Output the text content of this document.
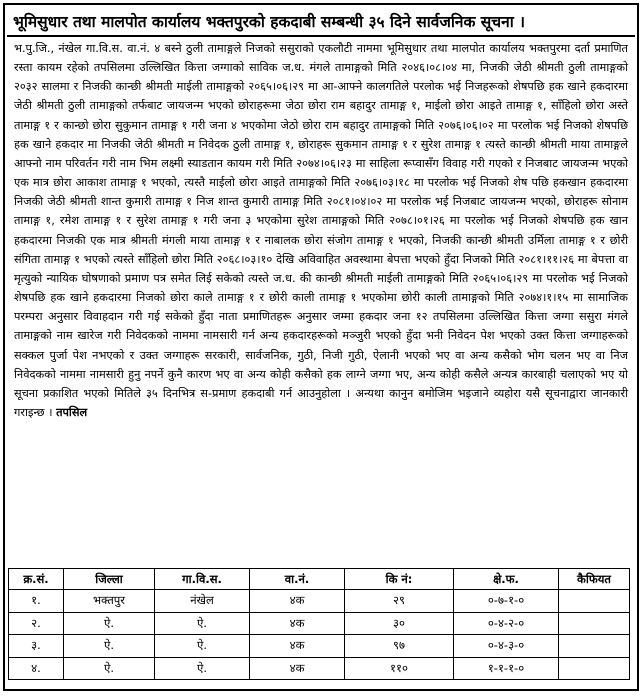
भूमिसुधार तथा मालपोत कार्यालय भक्तपुरको हकदाबी सम्बन्धी ३५ दिने सार्वजनिक सूचना ।
भ.पु.जि., नंखेल गा.वि.स. वा.नं. ४ बस्ने ठुली तामाङ्गले निजको ससुराको एकलौटी नाममा भूमिसुधार तथा मालपोत कार्यालय भक्तपुरमा दर्ता प्रमाणित रस्ता कायम रहेको तपसिलमा उल्लिखित कित्ता जग्गाको साविक ज.ध. मंगले तामाङ्गको मिति २०४६।०८।०४ मा, निजकी जेठी श्रीमती ठुली तामाङ्गको २०३२ सालमा र निजकी कान्छी श्रीमती माईली तामाङ्गको २०६५।०६।२९ मा आ-आफ्ने कालगतिले परलोक भई निजहरूको शेषपछि हक खाने हकदारमा जेठी श्रीमती ठुली तामाङ्गको तर्फबाट जायजन्म भएको छोराहरूमा जेठा छोरा राम बहादुर तामाङ्ग १, माईलो छोरा आइते तामाङ्ग १, साँहिलो छोरा अस्ते तामाङ्ग १ र कान्छो छोरा सुकुमान तामाङ्ग १ गरी जना ४ भएकोमा जेठो छोरा राम बहादुर तामाङ्गको मिति २०७६।०६।०२ मा परलोक भई निजको शेषपछि हक खाने हकदार मा निजकी जेठी श्रीमती म निवेदक ठुली तामाङ्ग १, छोराहरू सुकमान तामाङ्ग १ र सुरेश तामाङ्ग १ त्यस्ते कान्छी श्रीमती माया तामाङ्गले आफ्नो नाम परिवर्तन गरी नाम भिम लक्ष्मी स्याडतान कायम गरी मिति २०७४।०६।२३ मा साहिला रूप्वासँग विवाह गरी गएको र निजबाट जायजन्म भएको एक मात्र छोरा आकाश तामाङ्ग १ भएको, त्यस्तै माईलो छोरा आइते तामाङ्गको मिति २०७६।०३।१८ मा परलोक भई निजको शेष पछि हकखान हकदारमा निजकी जेठी श्रीमती शान्त कुमारी तामाङ्ग १ निज शान्त कुमारी तामाङ्ग मिति २०८१।०४।०२ मा परलोक भई निजबाट जायजन्म भएको, छोराहरू सोनाम तामाङ्ग १, रमेश तामाङ्ग १ र सुरेश तामाङ्ग १ गरी जना ३ भएकोमा सुरेश तामाङ्गको मिति २०७८।०१।२६ मा परलोक भई निजको शेषपछि हक खान हकदारमा निजकी एक मात्र श्रीमती मंगली माया तामाङ्ग १ र नाबालक छोरा संजोग तामाङ्ग १ भएको, निजकी कान्छी श्रीमती उर्मिला तामाङ्ग १ र छोरी संगिता तामाङ्ग १ भएको त्यस्ते साँहिलो छोरा मिति २०६८।०३।१० देखि अविवाहित अवस्थामा बेपत्ता भएको हुँदा निजको मिति २०८१।११।२६ मा बेपत्ता वा मृत्युको न्यायिक घोषणाको प्रमाण पत्र समेत लिई सकेको त्यस्ते ज.ध. की कान्छी श्रीमती माईली तामाङ्गको मिति २०६५।०६।२९ मा परलोक भई निजको शेषपछि हक खाने हकदारमा निजको छोरा काले तामाङ्ग १ र छोरी काली तामाङ्ग १ भएकोमा छोरी काली तामाङ्गको मिति २०७४।१।१५ मा सामाजिक परम्परा अनुसार विवाहदान गरी गई सकेको हुँदा नाता प्रमाणितहरू अनुसार जम्मा हकदार जना १२ तपसिलमा उल्लिखित कित्ता जग्गा ससुरा मंगले तामाङ्गको नाम खारेज गरी निवेदकको नाममा नामसारी गर्न अन्य हकदारहरूको मञ्जुरी भएको हुँदा भनी निवेदन पेश भएको उक्त कित्ता जग्गाहरूको सक्कल पुर्जा पेश नभएको र उक्त जग्गाहरू सरकारी, सार्वजनिक, गुठी, निजी गुठी, ऐलानी भएको भए वा अन्य कसैको भोग चलन भए वा निज निवेदकको नाममा नामसारी हुनु नपर्ने कुनै कारण भए वा अन्य कोही कसैको हक लाग्ने जग्गा भए, अन्य कोही कसैले अन्यत्र कारबाही चलाएको भए यो सूचना प्रकाशित भएको मितिले ३५ दिनभित्र स-प्रमाण हकदाबी गर्न आउनुहोला । अन्यथा कानुन बमोजिम भइजाने व्यहोरा यसै सूचनाद्वारा जानकारी गराइन्छ । तपसिल
क्र.सं.	जिल्ला	गा.वि.स.	वा.नं.	कि नं:	क्षे.फ.	कैफियत
१.	भक्तपुर	नंखेल	४क	२९	०-७-१-०	
२.	ऐ.	ऐ.	४क	३०	०-४-२-०	
३.	ऐ.	ऐ.	४क	९७	०-४-३-०	
४.	ऐ.	ऐ.	४क	११०	१-१-१-०	
